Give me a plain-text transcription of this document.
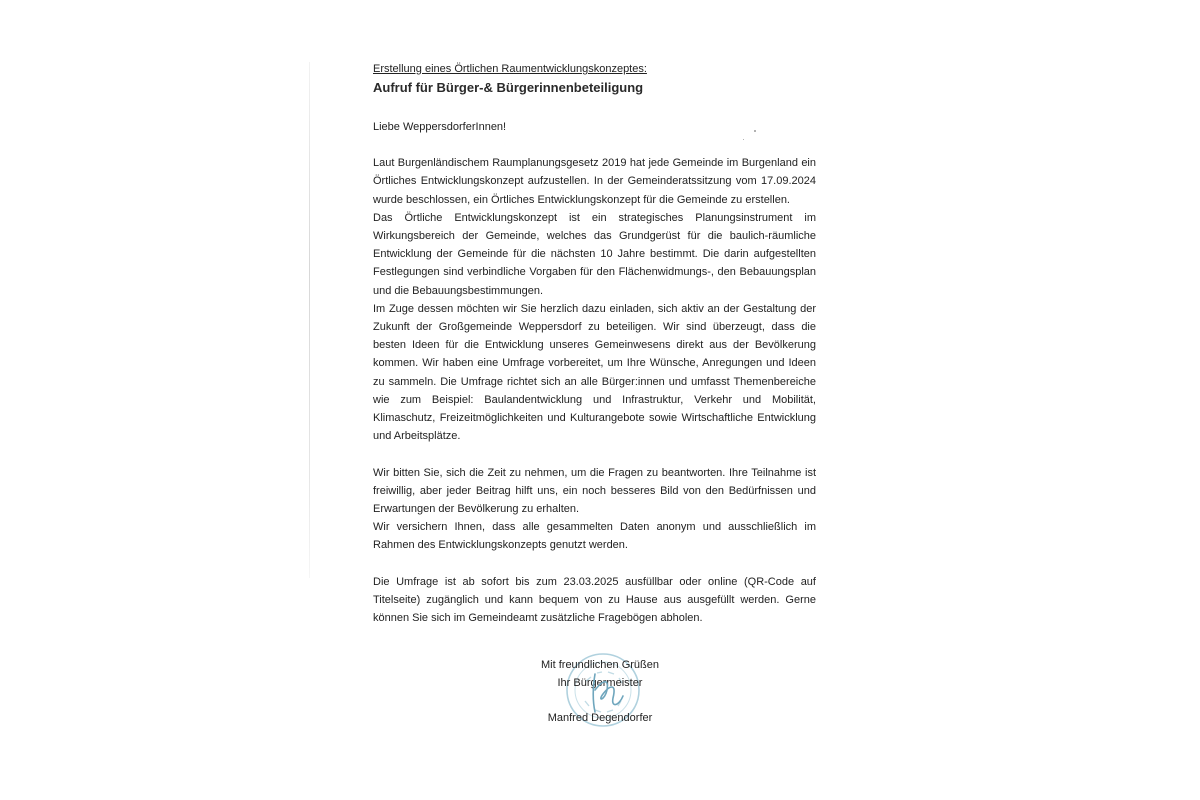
Erstellung eines Örtlichen Raumentwicklungskonzeptes:

Aufruf für Bürger-& Bürgerinnenbeteiligung

Liebe WeppersdorferInnen!

Laut Burgenländischem Raumplanungsgesetz 2019 hat jede Gemeinde im Burgenland ein Örtliches Entwicklungskonzept aufzustellen. In der Gemeinderatssitzung vom 17.09.2024 wurde beschlossen, ein Örtliches Entwicklungskonzept für die Gemeinde zu erstellen.

Das Örtliche Entwicklungskonzept ist ein strategisches Planungsinstrument im Wirkungsbereich der Gemeinde, welches das Grundgerüst für die baulich-räumliche Entwicklung der Gemeinde für die nächsten 10 Jahre bestimmt. Die darin aufgestellten Festlegungen sind verbindliche Vorgaben für den Flächenwidmungs-, den Bebauungsplan und die Bebauungsbestimmungen.

Im Zuge dessen möchten wir Sie herzlich dazu einladen, sich aktiv an der Gestaltung der Zukunft der Großgemeinde Weppersdorf zu beteiligen. Wir sind überzeugt, dass die besten Ideen für die Entwicklung unseres Gemeinwesens direkt aus der Bevölkerung kommen. Wir haben eine Umfrage vorbereitet, um Ihre Wünsche, Anregungen und Ideen zu sammeln. Die Umfrage richtet sich an alle Bürger:innen und umfasst Themenbereiche wie zum Beispiel: Baulandentwicklung und Infrastruktur, Verkehr und Mobilität, Klimaschutz, Freizeitmöglichkeiten und Kulturangebote sowie Wirtschaftliche Entwicklung und Arbeitsplätze.

Wir bitten Sie, sich die Zeit zu nehmen, um die Fragen zu beantworten. Ihre Teilnahme ist freiwillig, aber jeder Beitrag hilft uns, ein noch besseres Bild von den Bedürfnissen und Erwartungen der Bevölkerung zu erhalten.

Wir versichern Ihnen, dass alle gesammelten Daten anonym und ausschließlich im Rahmen des Entwicklungskonzepts genutzt werden.

Die Umfrage ist ab sofort bis zum 23.03.2025 ausfüllbar oder online (QR-Code auf Titelseite) zugänglich und kann bequem von zu Hause aus ausgefüllt werden. Gerne können Sie sich im Gemeindeamt zusätzliche Fragebögen abholen.

Mit freundlichen Grüßen
Ihr Bürgermeister
Manfred Degendorfer
